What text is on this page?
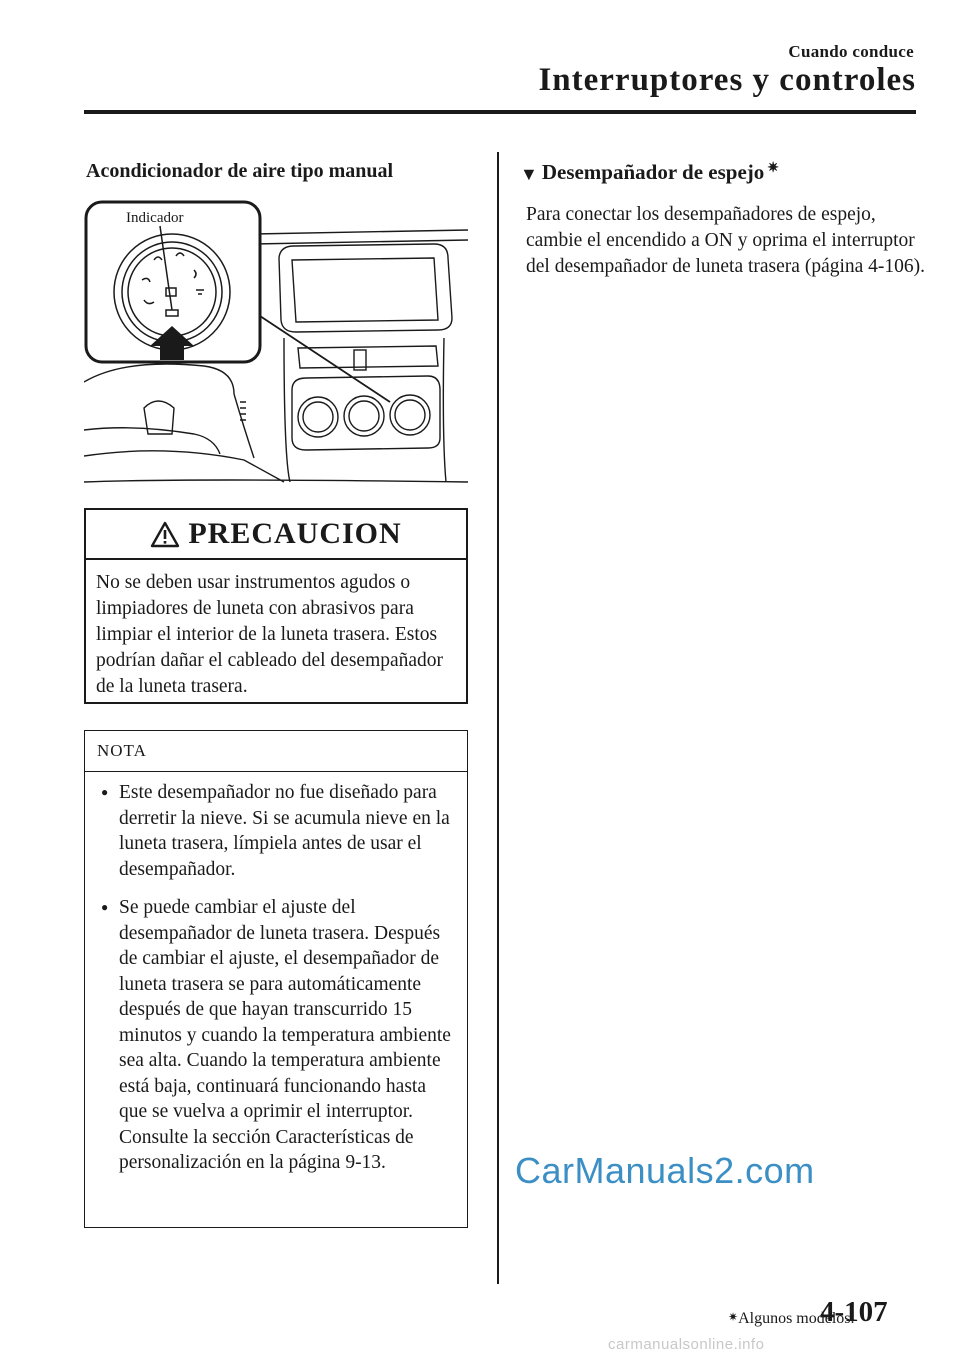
Cuando conduce
Interruptores y controles
Acondicionador de aire tipo manual
Indicador
PRECAUCION
No se deben usar instrumentos agudos o limpiadores de luneta con abrasivos para limpiar el interior de la luneta trasera. Estos podrían dañar el cableado del desempañador de la luneta trasera.
NOTA
● Este desempañador no fue diseñado para derretir la nieve. Si se acumula nieve en la luneta trasera, límpiela antes de usar el desempañador.
● Se puede cambiar el ajuste del desempañador de luneta trasera. Después de cambiar el ajuste, el desempañador de luneta trasera se para automáticamente después de que hayan transcurrido 15 minutos y cuando la temperatura ambiente sea alta. Cuando la temperatura ambiente está baja, continuará funcionando hasta que se vuelva a oprimir el interruptor.
Consulte la sección Características de personalización en la página 9-13.
▼ Desempañador de espejo ✷
Para conectar los desempañadores de espejo, cambie el encendido a ON y oprima el interruptor del desempañador de luneta trasera (página 4-106).
CarManuals2.com
✷Algunos modelos.
4-107
carmanualsonline.info
